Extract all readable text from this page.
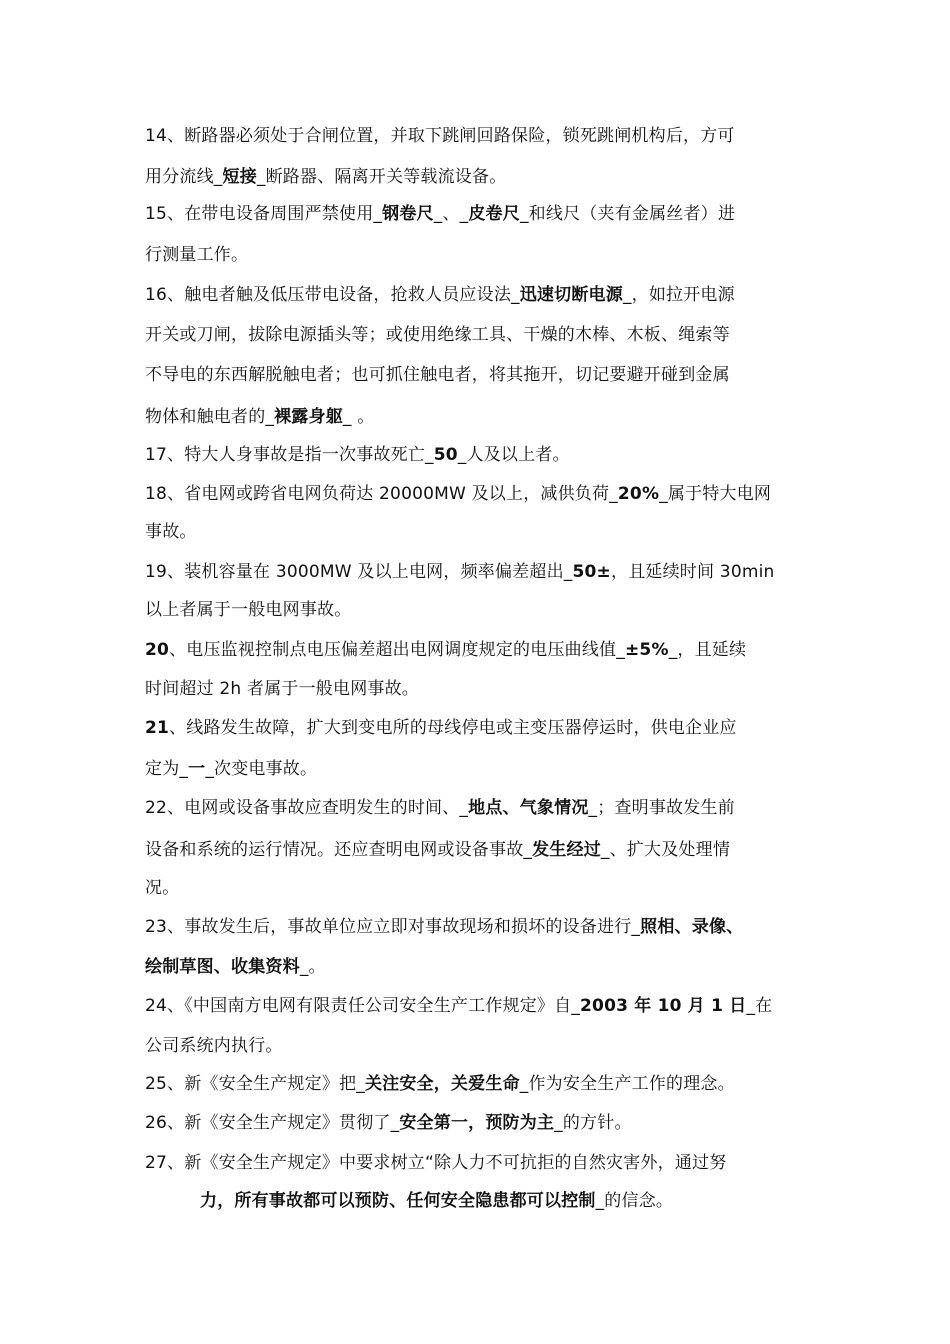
14、断路器必须处于合闸位置，并取下跳闸回路保险，锁死跳闸机构后，方可
用分流线_短接_断路器、隔离开关等载流设备。
15、在带电设备周围严禁使用_钢卷尺_、_皮卷尺_和线尺（夹有金属丝者）进
行测量工作。
16、触电者触及低压带电设备，抢救人员应设法_迅速切断电源_，如拉开电源
开关或刀闸，拔除电源插头等；或使用绝缘工具、干燥的木棒、木板、绳索等
不导电的东西解脱触电者；也可抓住触电者，将其拖开，切记要避开碰到金属
物体和触电者的_裸露身躯_ 。
17、特大人身事故是指一次事故死亡_50_人及以上者。
18、省电网或跨省电网负荷达 20000MW 及以上，减供负荷_20%_属于特大电网
事故。
19、装机容量在 3000MW 及以上电网，频率偏差超出_50±，且延续时间 30min
以上者属于一般电网事故。
20、电压监视控制点电压偏差超出电网调度规定的电压曲线值_±5%_，且延续
时间超过 2h 者属于一般电网事故。
21、线路发生故障，扩大到变电所的母线停电或主变压器停运时，供电企业应
定为_一_次变电事故。
22、电网或设备事故应查明发生的时间、_地点、气象情况_；查明事故发生前
设备和系统的运行情况。还应查明电网或设备事故_发生经过_、扩大及处理情
况。
23、事故发生后，事故单位应立即对事故现场和损坏的设备进行_照相、录像、
绘制草图、收集资料_。
24、《中国南方电网有限责任公司安全生产工作规定》自_2003 年 10 月 1 日_在
公司系统内执行。
25、新《安全生产规定》把_关注安全，关爱生命_作为安全生产工作的理念。
26、新《安全生产规定》贯彻了_安全第一，预防为主_的方针。
27、新《安全生产规定》中要求树立“除人力不可抗拒的自然灾害外，通过努
力，所有事故都可以预防、任何安全隐患都可以控制_的信念。
